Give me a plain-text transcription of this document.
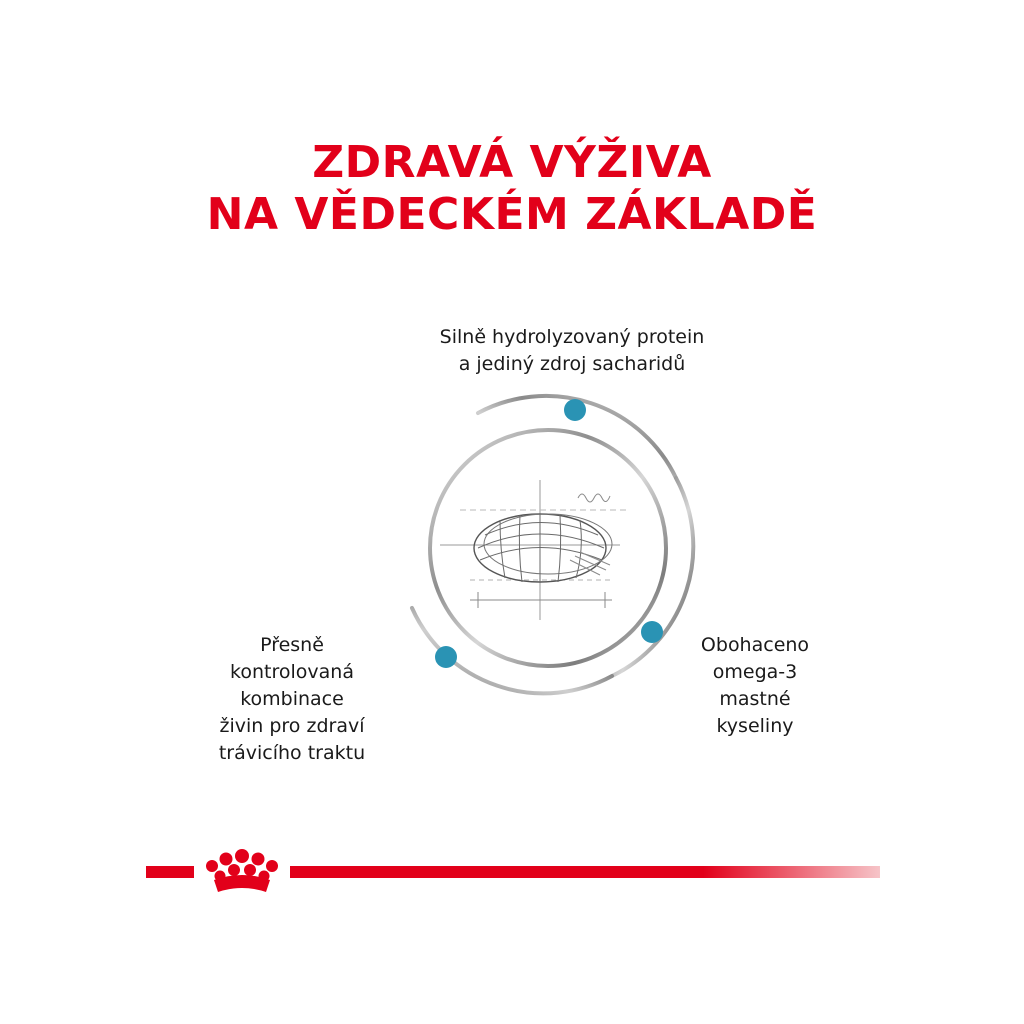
ZDRAVÁ VÝŽIVA
NA VĚDECKÉM ZÁKLADĚ
Silně hydrolyzovaný protein
a jediný zdroj sacharidů
Přesně
kontrolovaná
kombinace
živin pro zdraví
trávicího traktu
Obohaceno
omega-3
mastné
kyseliny
